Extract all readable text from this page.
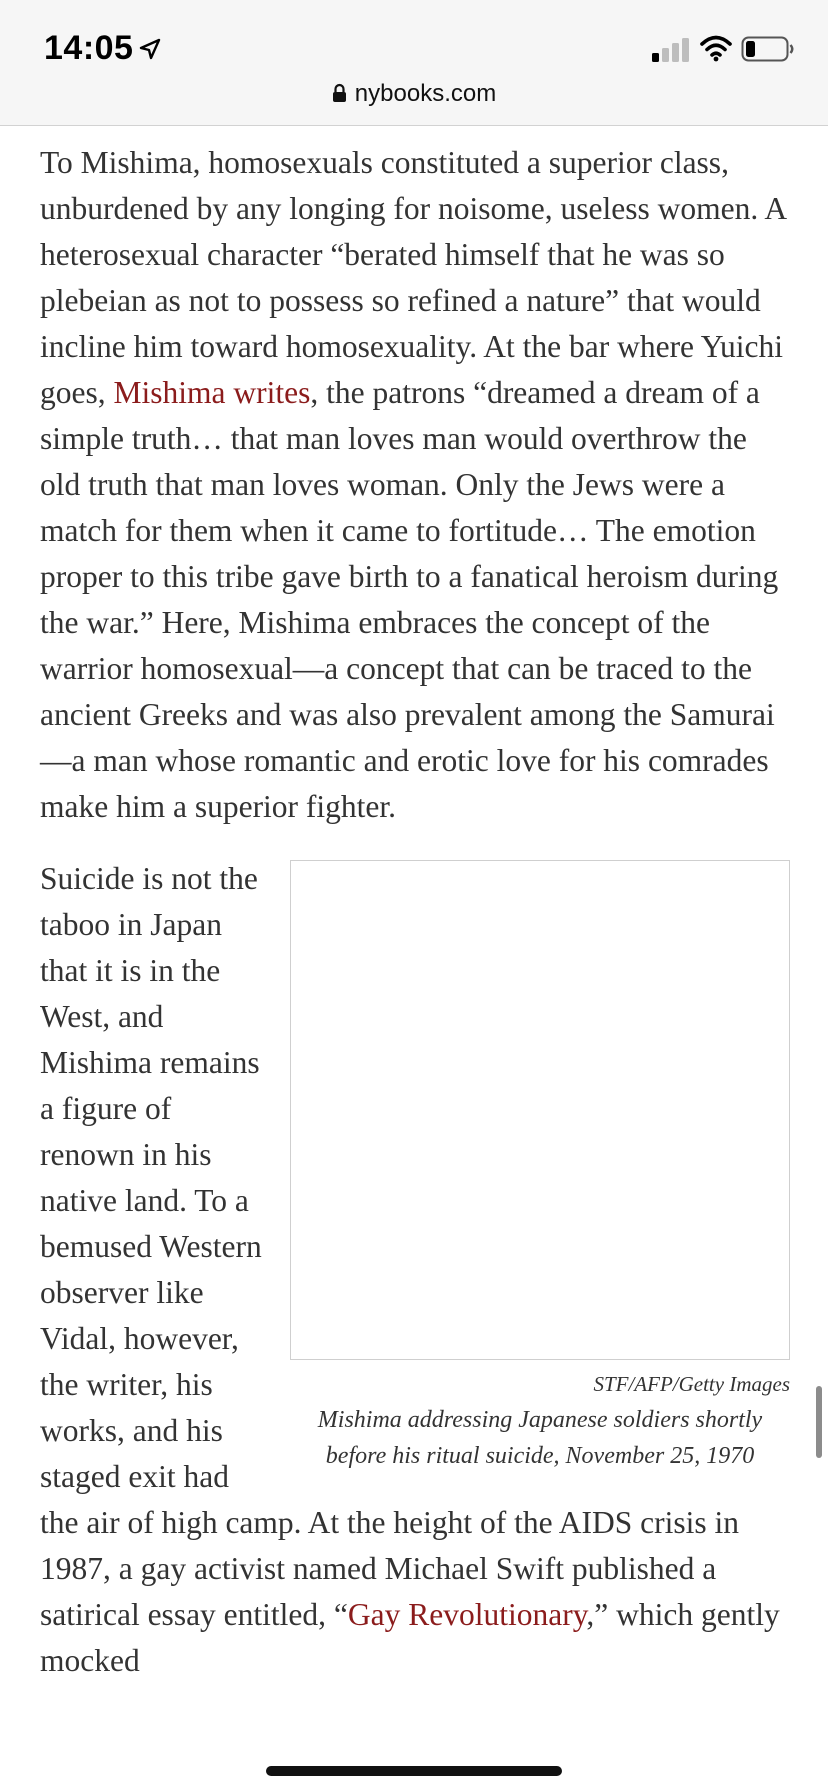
14:05
nybooks.com

To Mishima, homosexuals constituted a superior class, unburdened by any longing for noisome, useless women. A heterosexual character “berated himself that he was so plebeian as not to possess so refined a nature” that would incline him toward homosexuality. At the bar where Yuichi goes, Mishima writes, the patrons “dreamed a dream of a simple truth… that man loves man would overthrow the old truth that man loves woman. Only the Jews were a match for them when it came to fortitude… The emotion proper to this tribe gave birth to a fanatical heroism during the war.” Here, Mishima embraces the concept of the warrior homosexual—a concept that can be traced to the ancient Greeks and was also prevalent among the Samurai—a man whose romantic and erotic love for his comrades make him a superior fighter.

STF/AFP/Getty Images
Mishima addressing Japanese soldiers shortly before his ritual suicide, November 25, 1970

Suicide is not the taboo in Japan that it is in the West, and Mishima remains a figure of renown in his native land. To a bemused Western observer like Vidal, however, the writer, his works, and his staged exit had the air of high camp. At the height of the AIDS crisis in 1987, a gay activist named Michael Swift published a satirical essay entitled, “Gay Revolutionary,” which gently mocked
